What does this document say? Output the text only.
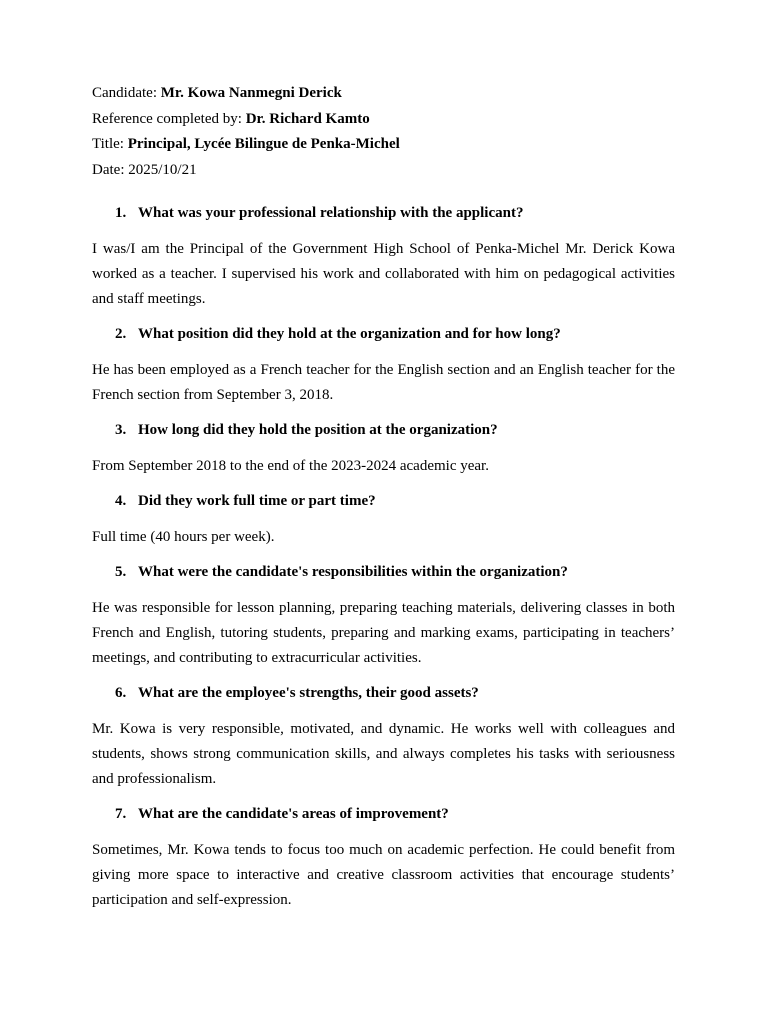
Candidate: Mr. Kowa Nanmegni Derick

Reference completed by: Dr. Richard Kamto

Title: Principal, Lycée Bilingue de Penka-Michel

Date: 2025/10/21

1. What was your professional relationship with the applicant?

I was/I am the Principal of the Government High School of Penka-Michel Mr. Derick Kowa worked as a teacher. I supervised his work and collaborated with him on pedagogical activities and staff meetings.

2. What position did they hold at the organization and for how long?

He has been employed as a French teacher for the English section and an English teacher for the French section from September 3, 2018.

3. How long did they hold the position at the organization?

From September 2018 to the end of the 2023-2024 academic year.

4. Did they work full time or part time?

Full time (40 hours per week).

5. What were the candidate's responsibilities within the organization?

He was responsible for lesson planning, preparing teaching materials, delivering classes in both French and English, tutoring students, preparing and marking exams, participating in teachers’ meetings, and contributing to extracurricular activities.

6. What are the employee's strengths, their good assets?

Mr. Kowa is very responsible, motivated, and dynamic. He works well with colleagues and students, shows strong communication skills, and always completes his tasks with seriousness and professionalism.

7. What are the candidate's areas of improvement?

Sometimes, Mr. Kowa tends to focus too much on academic perfection. He could benefit from giving more space to interactive and creative classroom activities that encourage students’ participation and self-expression.
